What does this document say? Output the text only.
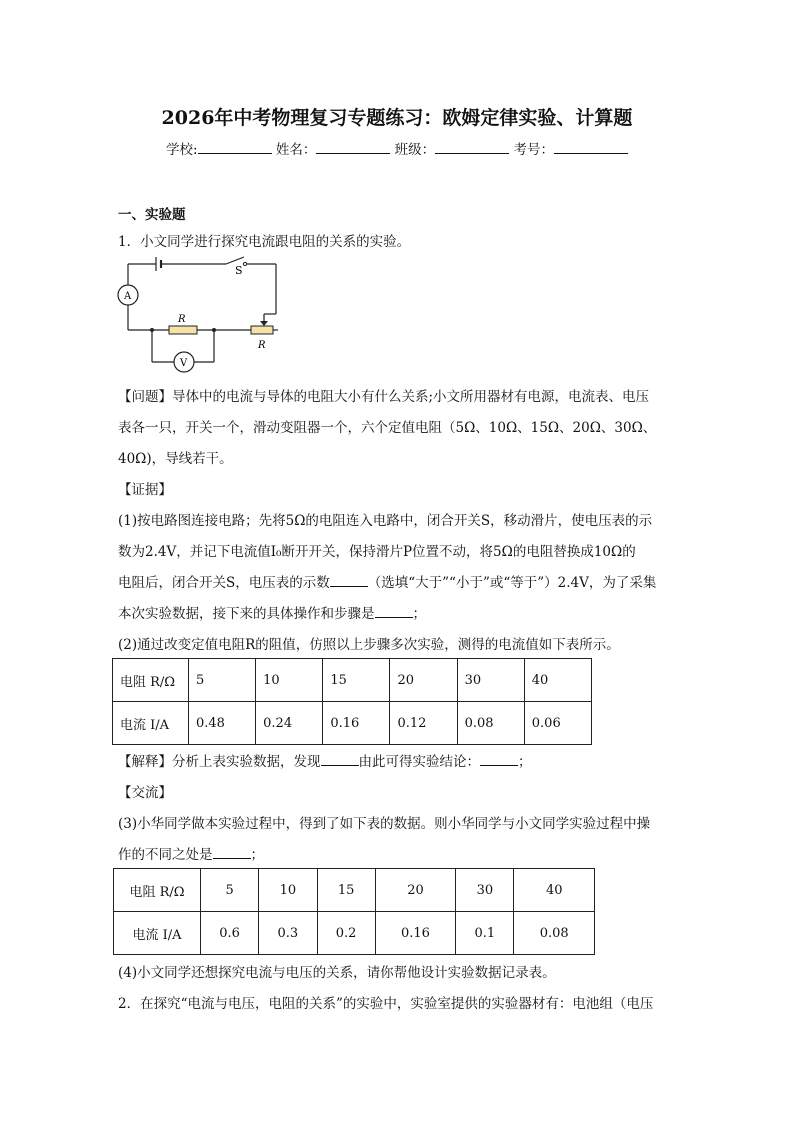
2026年中考物理复习专题练习：欧姆定律实验、计算题
学校:	姓名：	班级：	考号：
一、实验题
1．小文同学进行探究电流跟电阻的关系的实验。
S
A
V
R
R
【问题】导体中的电流与导体的电阻大小有什么关系;小文所用器材有电源，电流表、电压
表各一只，开关一个，滑动变阻器一个，六个定值电阻（5Ω、10Ω、15Ω、20Ω、30Ω、
40Ω)，导线若干。
【证据】
(1)按电路图连接电路；先将5Ω的电阻连入电路中，闭合开关S，移动滑片，使电压表的示
数为2.4V，并记下电流值I₀断开开关，保持滑片P位置不动，将5Ω的电阻替换成10Ω的
电阻后，闭合开关S，电压表的示数	（选填“大于”“小于”或“等于”）2.4V，为了采集
本次实验数据，接下来的具体操作和步骤是	；
(2)通过改变定值电阻R的阻值，仿照以上步骤多次实验，测得的电流值如下表所示。
电阻 R/Ω	5	10	15	20	30	40
电流 I/A	0.48	0.24	0.16	0.12	0.08	0.06
【解释】分析上表实验数据，发现	由此可得实验结论：	；
【交流】
(3)小华同学做本实验过程中，得到了如下表的数据。则小华同学与小文同学实验过程中操
作的不同之处是	；
电阻 R/Ω	5	10	15	20	30	40
电流 I/A	0.6	0.3	0.2	0.16	0.1	0.08
(4)小文同学还想探究电流与电压的关系，请你帮他设计实验数据记录表。
2．在探究“电流与电压，电阻的关系”的实验中，实验室提供的实验器材有：电池组（电压
